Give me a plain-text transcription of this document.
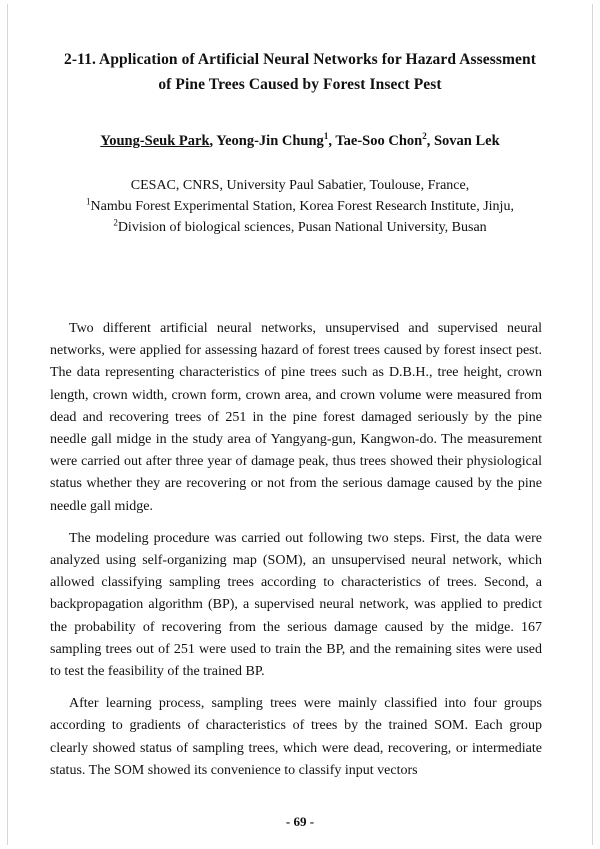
2-11. Application of Artificial Neural Networks for Hazard Assessment
of Pine Trees Caused by Forest Insect Pest
Young-Seuk Park, Yeong-Jin Chung$^1$, Tae-Soo Chon$^2$, Sovan Lek
CESAC, CNRS, University Paul Sabatier, Toulouse, France,
$^1$Nambu Forest Experimental Station, Korea Forest Research Institute, Jinju,
$^2$Division of biological sciences, Pusan National University, Busan

Two different artificial neural networks, unsupervised and supervised neural networks, were applied for assessing hazard of forest trees caused by forest insect pest. The data representing characteristics of pine trees such as D.B.H., tree height, crown length, crown width, crown form, crown area, and crown volume were measured from dead and recovering trees of 251 in the pine forest damaged seriously by the pine needle gall midge in the study area of Yangyang-gun, Kangwon-do. The measurement were carried out after three year of damage peak, thus trees showed their physiological status whether they are recovering or not from the serious damage caused by the pine needle gall midge.

The modeling procedure was carried out following two steps. First, the data were analyzed using self-organizing map (SOM), an unsupervised neural network, which allowed classifying sampling trees according to characteristics of trees. Second, a backpropagation algorithm (BP), a supervised neural network, was applied to predict the probability of recovering from the serious damage caused by the midge. 167 sampling trees out of 251 were used to train the BP, and the remaining sites were used to test the feasibility of the trained BP.

After learning process, sampling trees were mainly classified into four groups according to gradients of characteristics of trees by the trained SOM. Each group clearly showed status of sampling trees, which were dead, recovering, or intermediate status. The SOM showed its convenience to classify input vectors

- 69 -
